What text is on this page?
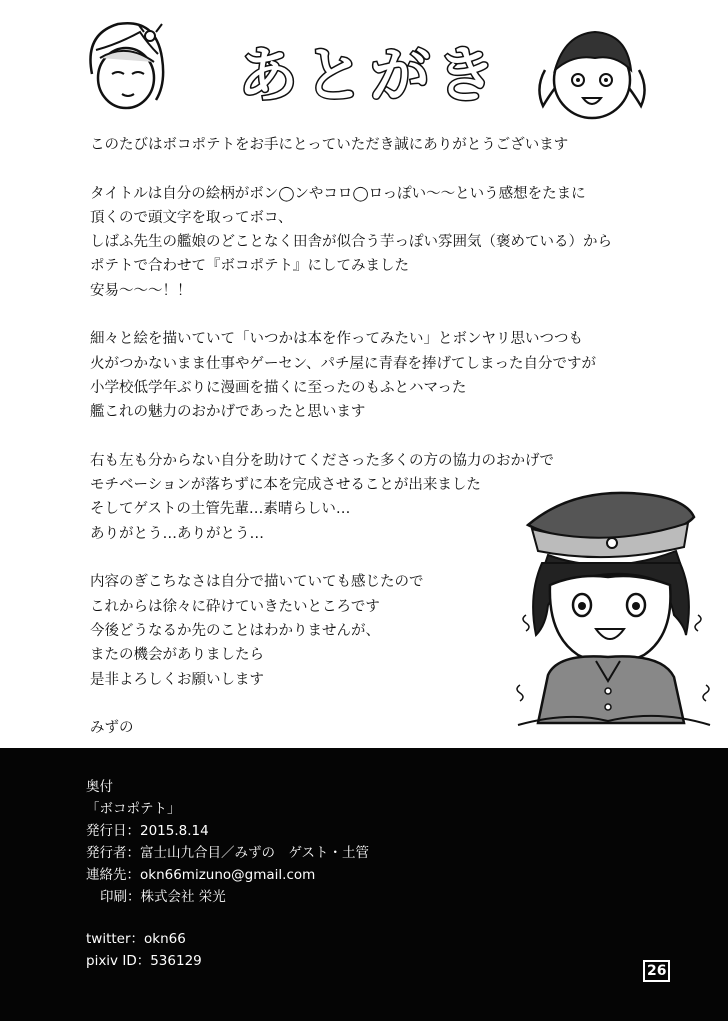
あとがき
このたびはボコポテトをお手にとっていただき誠にありがとうございます
タイトルは自分の絵柄がボン◯ンやコロ◯ロっぽい〜〜という感想をたまに
頂くので頭文字を取ってボコ、
しばふ先生の艦娘のどことなく田舎が似合う芋っぽい雰囲気（褒めている）から
ポテトで合わせて『ボコポテト』にしてみました
安易〜〜〜！！
細々と絵を描いていて「いつかは本を作ってみたい」とボンヤリ思いつつも
火がつかないまま仕事やゲーセン、パチ屋に青春を捧げてしまった自分ですが
小学校低学年ぶりに漫画を描くに至ったのもふとハマった
艦これの魅力のおかげであったと思います
右も左も分からない自分を助けてくださった多くの方の協力のおかげで
モチベーションが落ちずに本を完成させることが出来ました
そしてゲストの土管先輩…素晴らしい…
ありがとう…ありがとう…
内容のぎこちなさは自分で描いていても感じたので
これからは徐々に砕けていきたいところです
今後どうなるか先のことはわかりませんが、
またの機会がありましたら
是非よろしくお願いします
みずの
奥付
「ボコポテト」
発行日：2015.8.14
発行者：富士山九合目／みずの　ゲスト・土管
連絡先：okn66mizuno@gmail.com
印刷：株式会社 栄光
twitter：okn66
pixiv ID：536129
26
